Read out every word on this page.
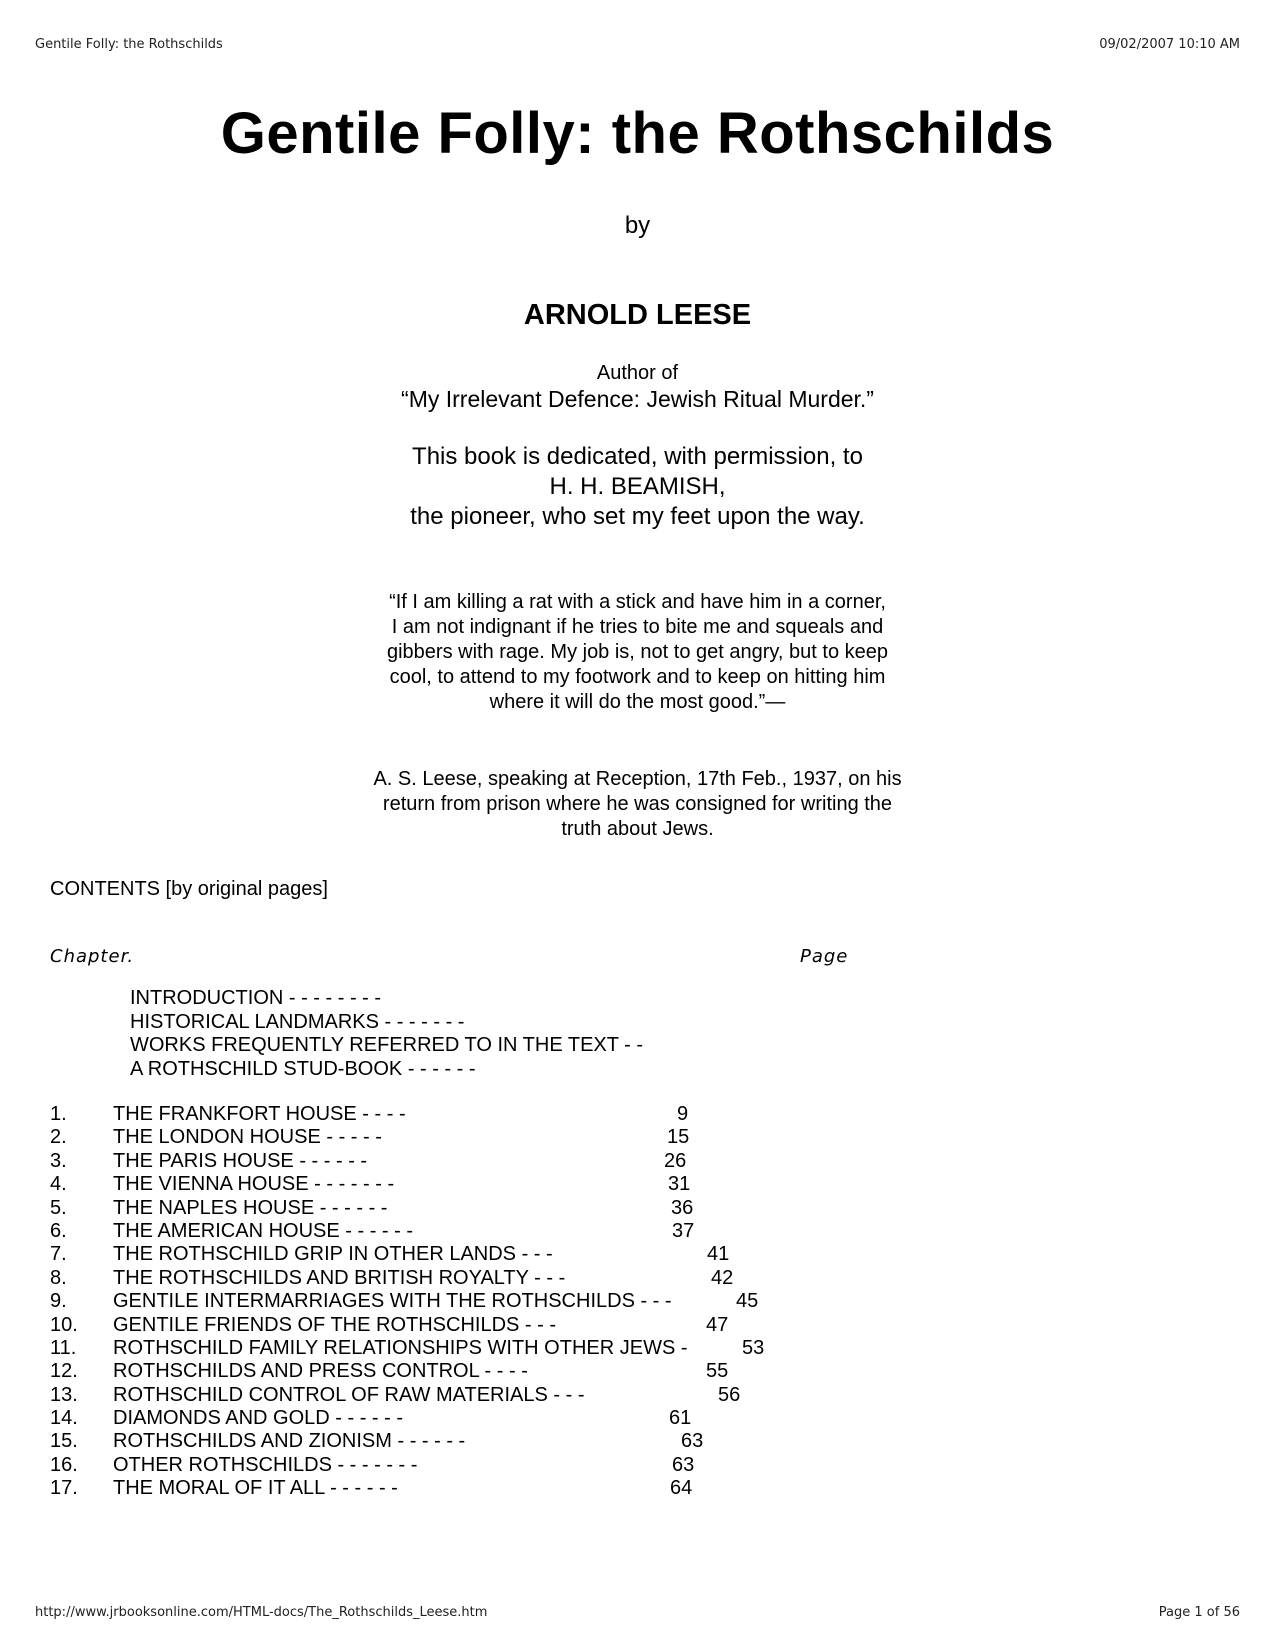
Gentile Folly: the Rothschilds	09/02/2007 10:10 AM
Gentile Folly: the Rothschilds
by
ARNOLD LEESE
Author of
“My Irrelevant Defence: Jewish Ritual Murder.”
This book is dedicated, with permission, to
H. H. BEAMISH,
the pioneer, who set my feet upon the way.
“If I am killing a rat with a stick and have him in a corner,
I am not indignant if he tries to bite me and squeals and
gibbers with rage. My job is, not to get angry, but to keep
cool, to attend to my footwork and to keep on hitting him
where it will do the most good.”—
A. S. Leese, speaking at Reception, 17th Feb., 1937, on his
return from prison where he was consigned for writing the
truth about Jews.
CONTENTS [by original pages]
Chapter.	Page
INTRODUCTION - - - - - - - -
HISTORICAL LANDMARKS - - - - - - -
WORKS FREQUENTLY REFERRED TO IN THE TEXT - -
A ROTHSCHILD STUD-BOOK - - - - - -
1. THE FRANKFORT HOUSE - - - -	9
2. THE LONDON HOUSE - - - - -	15
3. THE PARIS HOUSE - - - - - -	26
4. THE VIENNA HOUSE - - - - - - -	31
5. THE NAPLES HOUSE - - - - - -	36
6. THE AMERICAN HOUSE - - - - - -	37
7. THE ROTHSCHILD GRIP IN OTHER LANDS - - -	41
8. THE ROTHSCHILDS AND BRITISH ROYALTY - - -	42
9. GENTILE INTERMARRIAGES WITH THE ROTHSCHILDS - - -	45
10. GENTILE FRIENDS OF THE ROTHSCHILDS - - -	47
11. ROTHSCHILD FAMILY RELATIONSHIPS WITH OTHER JEWS -	53
12. ROTHSCHILDS AND PRESS CONTROL - - - -	55
13. ROTHSCHILD CONTROL OF RAW MATERIALS - - -	56
14. DIAMONDS AND GOLD - - - - - -	61
15. ROTHSCHILDS AND ZIONISM - - - - - -	63
16. OTHER ROTHSCHILDS - - - - - - -	63
17. THE MORAL OF IT ALL - - - - - -	64
http://www.jrbooksonline.com/HTML-docs/The_Rothschilds_Leese.htm	Page 1 of 56
